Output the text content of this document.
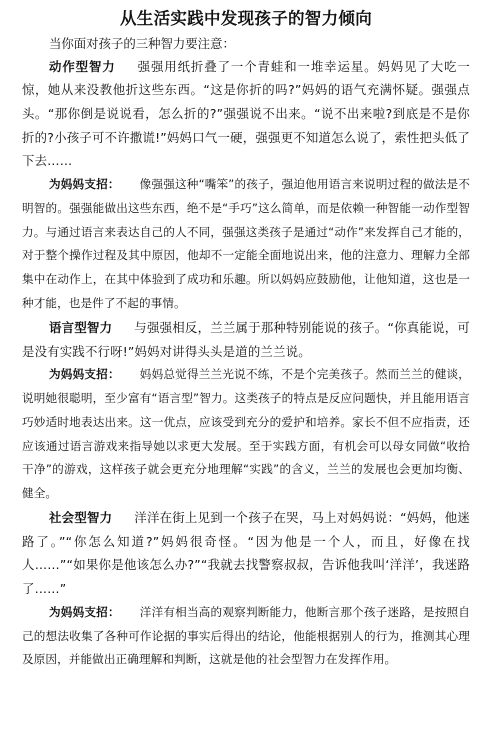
从生活实践中发现孩子的智力倾向

当你面对孩子的三种智力要注意：

动作型智力 强强用纸折叠了一个青蛙和一堆幸运星。妈妈见了大吃一惊，她从来没教他折这些东西。“这是你折的吗?”妈妈的语气充满怀疑。强强点头。“那你倒是说说看，怎么折的?”强强说不出来。“说不出来啦?到底是不是你折的?小孩子可不许撒谎!”妈妈口气一硬，强强更不知道怎么说了，索性把头低了下去……

为妈妈支招： 像强强这种“嘴笨”的孩子，强迫他用语言来说明过程的做法是不明智的。强强能做出这些东西，绝不是“手巧”这么简单，而是依赖一种智能一动作型智力。与通过语言来表达自己的人不同，强强这类孩子是通过“动作”来发挥自己才能的，对于整个操作过程及其中原因，他却不一定能全面地说出来，他的注意力、理解力全部集中在动作上，在其中体验到了成功和乐趣。所以妈妈应鼓励他，让他知道，这也是一种才能，也是件了不起的事情。

语言型智力 与强强相反，兰兰属于那种特别能说的孩子。“你真能说，可是没有实践不行呀!”妈妈对讲得头头是道的兰兰说。

为妈妈支招： 妈妈总觉得兰兰光说不练，不是个完美孩子。然而兰兰的健谈，说明她很聪明，至少富有“语言型”智力。这类孩子的特点是反应问题快，并且能用语言巧妙适时地表达出来。这一优点，应该受到充分的爱护和培养。家长不但不应指责，还应该通过语言游戏来指导她以求更大发展。至于实践方面，有机会可以母女同做“收拾干净”的游戏，这样孩子就会更充分地理解“实践”的含义，兰兰的发展也会更加均衡、健全。

社会型智力 洋洋在街上见到一个孩子在哭，马上对妈妈说：“妈妈，他迷路了。”“你怎么知道?”妈妈很奇怪。“因为他是一个人，而且，好像在找人……”“如果你是他该怎么办?”“我就去找警察叔叔，告诉他我叫‘洋洋’，我迷路了……”

为妈妈支招： 洋洋有相当高的观察判断能力，他断言那个孩子迷路，是按照自己的想法收集了各种可作论据的事实后得出的结论，他能根据别人的行为，推测其心理及原因，并能做出正确理解和判断，这就是他的社会型智力在发挥作用。
